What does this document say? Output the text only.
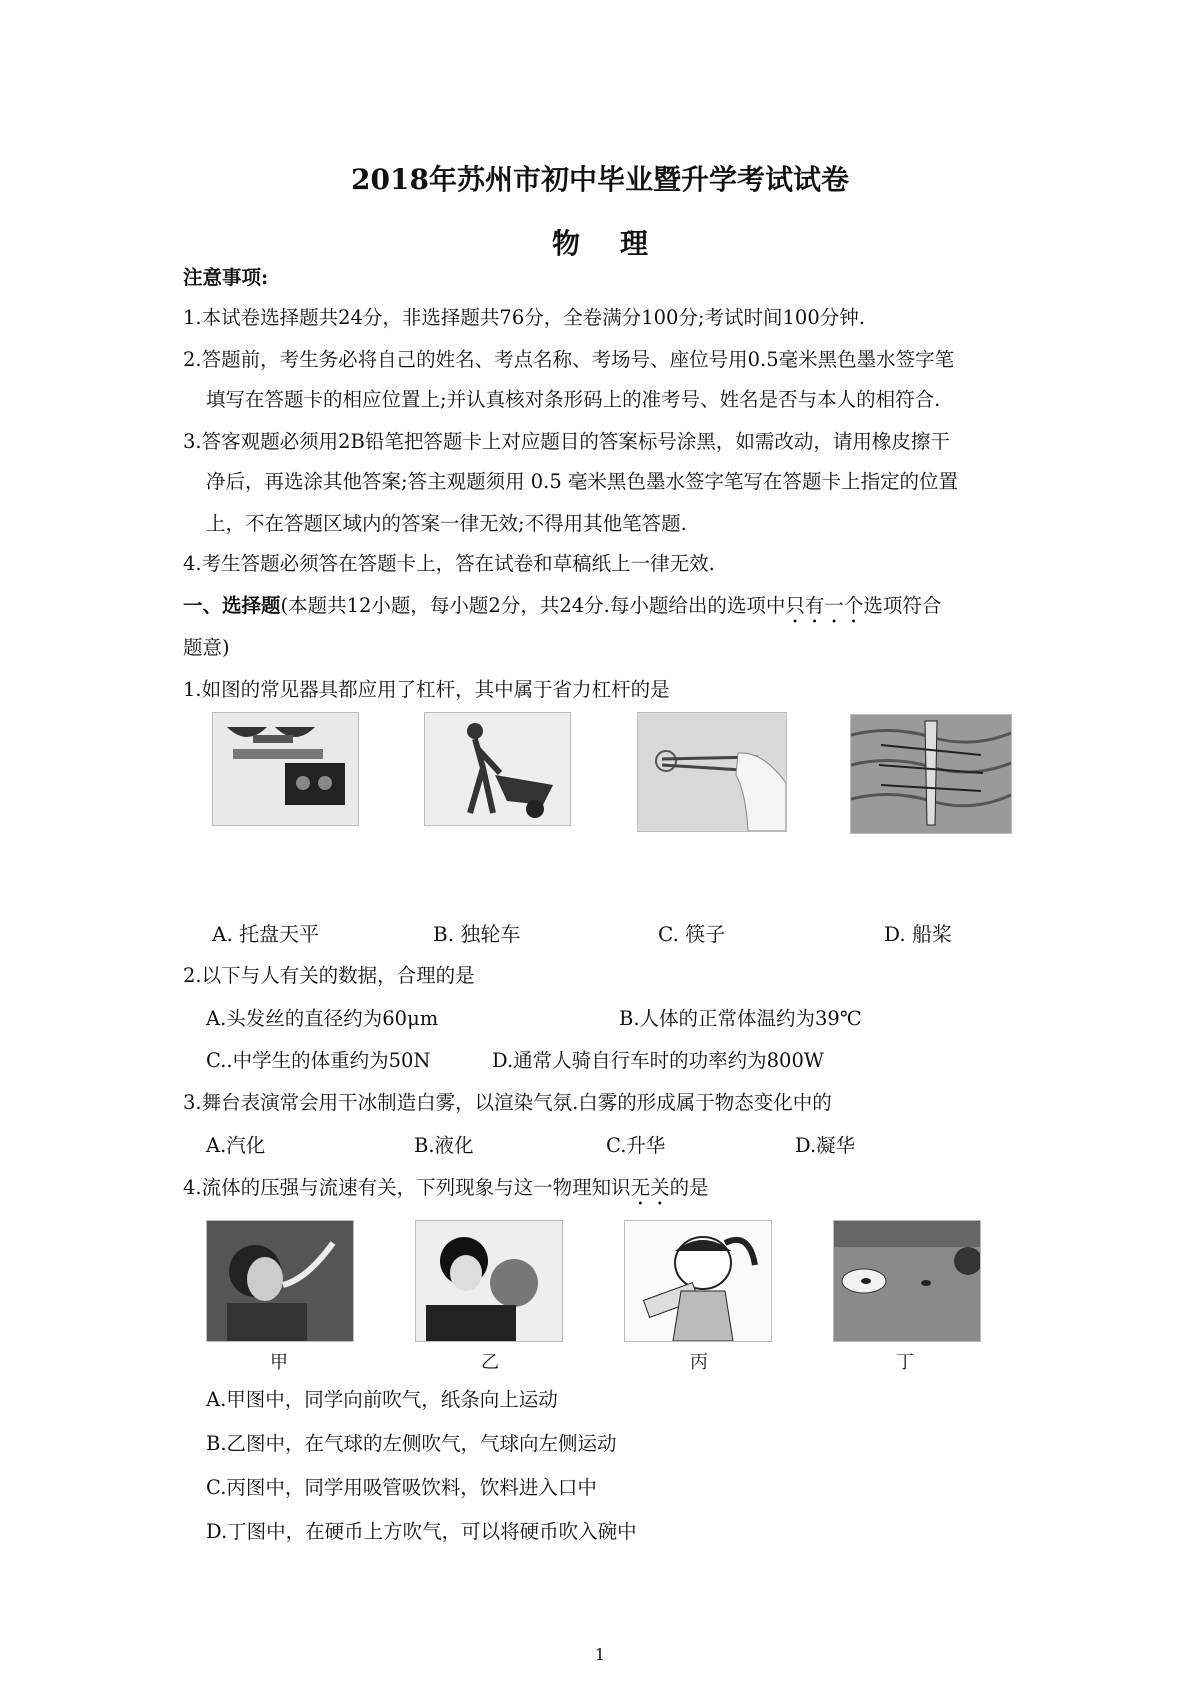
2018年苏州市初中毕业暨升学考试试卷
物理
注意事项:
1.本试卷选择题共24分，非选择题共76分，全卷满分100分;考试时间100分钟.
2.答题前，考生务必将自己的姓名、考点名称、考场号、座位号用0.5毫米黑色墨水签字笔
填写在答题卡的相应位置上;并认真核对条形码上的准考号、姓名是否与本人的相符合.
3.答客观题必须用2B铅笔把答题卡上对应题目的答案标号涂黑，如需改动，请用橡皮擦干
净后，再选涂其他答案;答主观题须用 0.5 毫米黑色墨水签字笔写在答题卡上指定的位置
上，不在答题区域内的答案一律无效;不得用其他笔答题.
4.考生答题必须答在答题卡上，答在试卷和草稿纸上一律无效.
一、选择题(本题共12小题，每小题2分，共24分.每小题给出的选项中只有一个选项符合
题意)
1.如图的常见器具都应用了杠杆，其中属于省力杠杆的是
A. 托盘天平	B. 独轮车	C. 筷子	D. 船桨
2.以下与人有关的数据，合理的是
A.头发丝的直径约为60μm	B.人体的正常体温约为39℃
C..中学生的体重约为50N	D.通常人骑自行车时的功率约为800W
3.舞台表演常会用干冰制造白雾，以渲染气氛.白雾的形成属于物态变化中的
A.汽化	B.液化	C.升华	D.凝华
4.流体的压强与流速有关，下列现象与这一物理知识无关的是
甲	乙	丙	丁
A.甲图中，同学向前吹气，纸条向上运动
B.乙图中，在气球的左侧吹气，气球向左侧运动
C.丙图中，同学用吸管吸饮料，饮料进入口中
D.丁图中，在硬币上方吹气，可以将硬币吹入碗中
1
